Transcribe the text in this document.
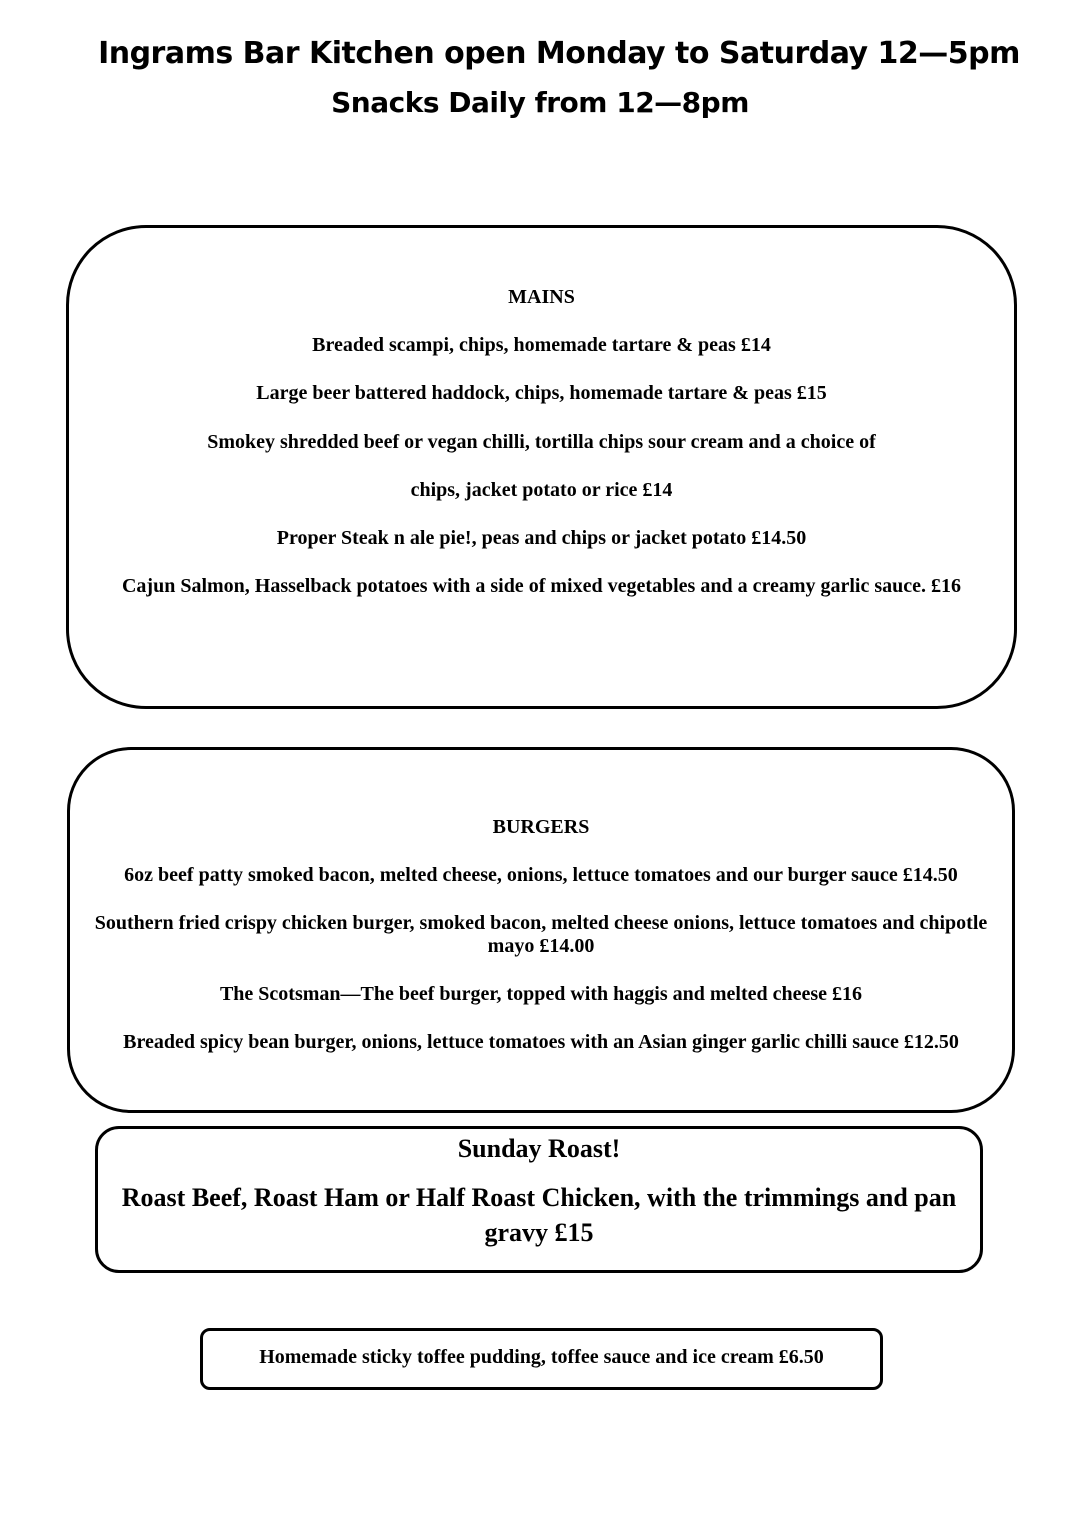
Ingrams Bar Kitchen open Monday to Saturday 12—5pm
Snacks Daily from 12—8pm
MAINS
Breaded scampi, chips, homemade tartare & peas £14
Large beer battered haddock, chips, homemade tartare & peas £15
Smokey shredded beef or vegan chilli, tortilla chips sour cream and a choice of
chips, jacket potato or rice £14
Proper Steak n ale pie!, peas and chips or jacket potato £14.50
Cajun Salmon, Hasselback potatoes with a side of mixed vegetables and a creamy garlic sauce. £16
BURGERS
6oz beef patty smoked bacon, melted cheese, onions, lettuce tomatoes and our burger sauce £14.50
Southern fried crispy chicken burger, smoked bacon, melted cheese onions, lettuce tomatoes and chipotle mayo £14.00
The Scotsman—The beef burger, topped with haggis and melted cheese £16
Breaded spicy bean burger, onions, lettuce tomatoes with an Asian ginger garlic chilli sauce £12.50
Sunday Roast!
Roast Beef, Roast Ham or Half Roast Chicken, with the trimmings and pan gravy £15
Homemade sticky toffee pudding, toffee sauce and ice cream £6.50
